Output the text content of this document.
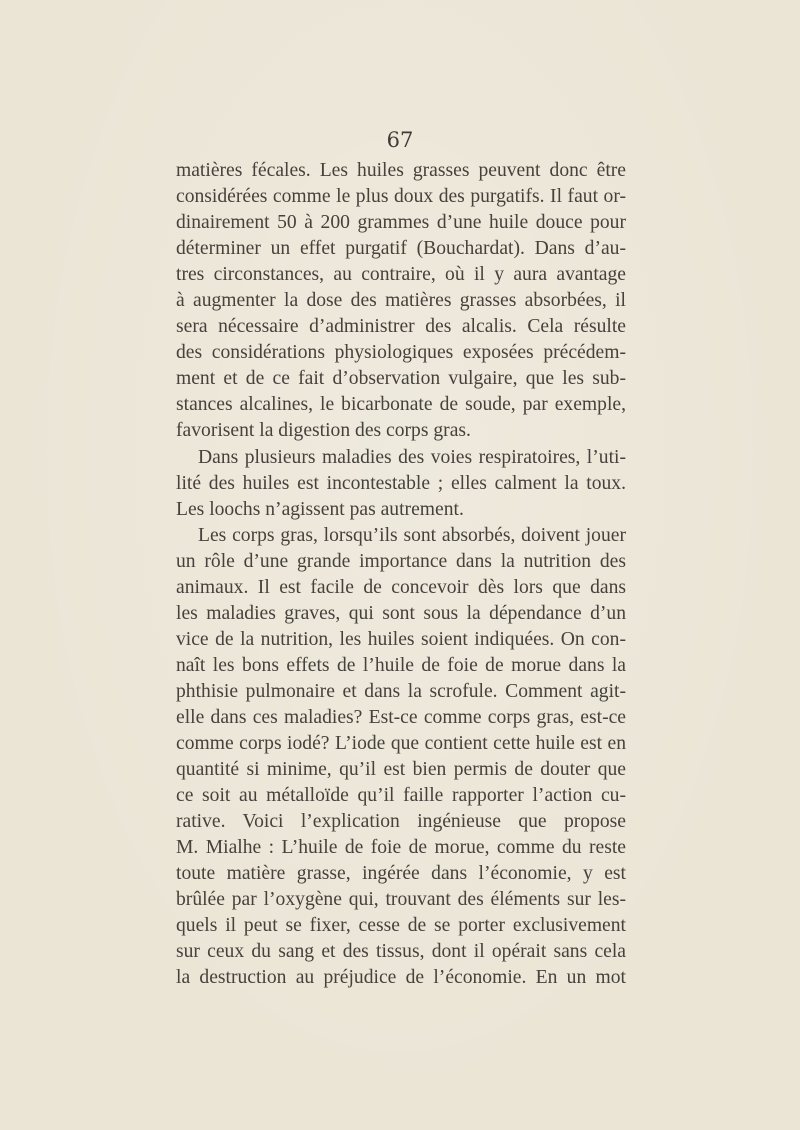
67
matières fécales. Les huiles grasses peuvent donc être
considérées comme le plus doux des purgatifs. Il faut or-
dinairement 50 à 200 grammes d’une huile douce pour
déterminer un effet purgatif (Bouchardat). Dans d’au-
tres circonstances, au contraire, où il y aura avantage
à augmenter la dose des matières grasses absorbées, il
sera nécessaire d’administrer des alcalis. Cela résulte
des considérations physiologiques exposées précédem-
ment et de ce fait d’observation vulgaire, que les sub-
stances alcalines, le bicarbonate de soude, par exemple,
favorisent la digestion des corps gras.
Dans plusieurs maladies des voies respiratoires, l’uti-
lité des huiles est incontestable ; elles calment la toux.
Les loochs n’agissent pas autrement.
Les corps gras, lorsqu’ils sont absorbés, doivent jouer
un rôle d’une grande importance dans la nutrition des
animaux. Il est facile de concevoir dès lors que dans
les maladies graves, qui sont sous la dépendance d’un
vice de la nutrition, les huiles soient indiquées. On con-
naît les bons effets de l’huile de foie de morue dans la
phthisie pulmonaire et dans la scrofule. Comment agit-
elle dans ces maladies? Est-ce comme corps gras, est-ce
comme corps iodé? L’iode que contient cette huile est en
quantité si minime, qu’il est bien permis de douter que
ce soit au métalloïde qu’il faille rapporter l’action cu-
rative. Voici l’explication ingénieuse que propose
M. Mialhe : L’huile de foie de morue, comme du reste
toute matière grasse, ingérée dans l’économie, y est
brûlée par l’oxygène qui, trouvant des éléments sur les-
quels il peut se fixer, cesse de se porter exclusivement
sur ceux du sang et des tissus, dont il opérait sans cela
la destruction au préjudice de l’économie. En un mot
